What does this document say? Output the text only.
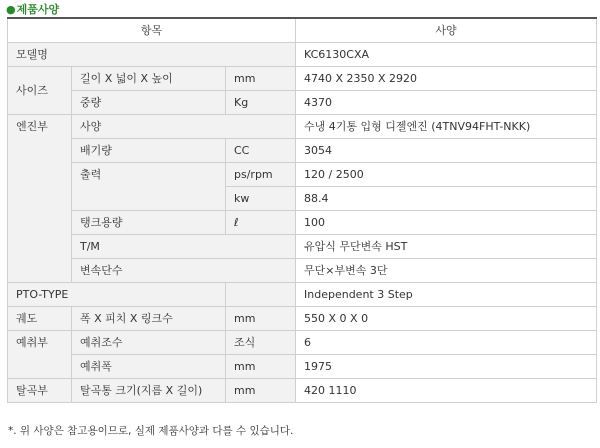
●제품사양
항목			사양
모델명			KC6130CXA
사이즈	길이 X 넓이 X 높이	mm	4740 X 2350 X 2920
	중량	Kg	4370
엔진부	사양		수냉 4기통 입형 디젤엔진 (4TNV94FHT-NKK)
	배기량	CC	3054
	출력	ps/rpm	120 / 2500
		kw	88.4
	탱크용량	ℓ	100
	T/M		유압식 무단변속 HST
	변속단수		무단×부변속 3단
PTO-TYPE			Independent 3 Step
궤도	폭 X 피치 X 링크수	mm	550 X 0 X 0
예취부	예취조수	조식	6
	예취폭	mm	1975
탈곡부	탈곡통 크기(지름 X 길이)	mm	420 1110
*. 위 사양은 참고용이므로, 실제 제품사양과 다를 수 있습니다.
